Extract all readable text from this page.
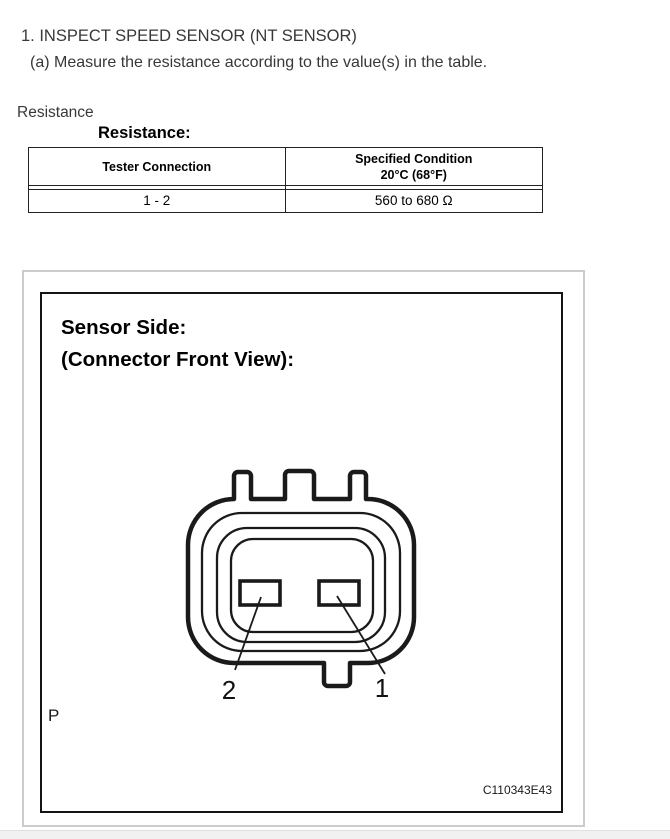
1. INSPECT SPEED SENSOR (NT SENSOR)
(a) Measure the resistance according to the value(s) in the table.
Resistance
Resistance:
Tester Connection
Specified Condition
20°C (68°F)
1 - 2	560 to 680 Ω
Sensor Side:
(Connector Front View):
2	1
P
C110343E43
